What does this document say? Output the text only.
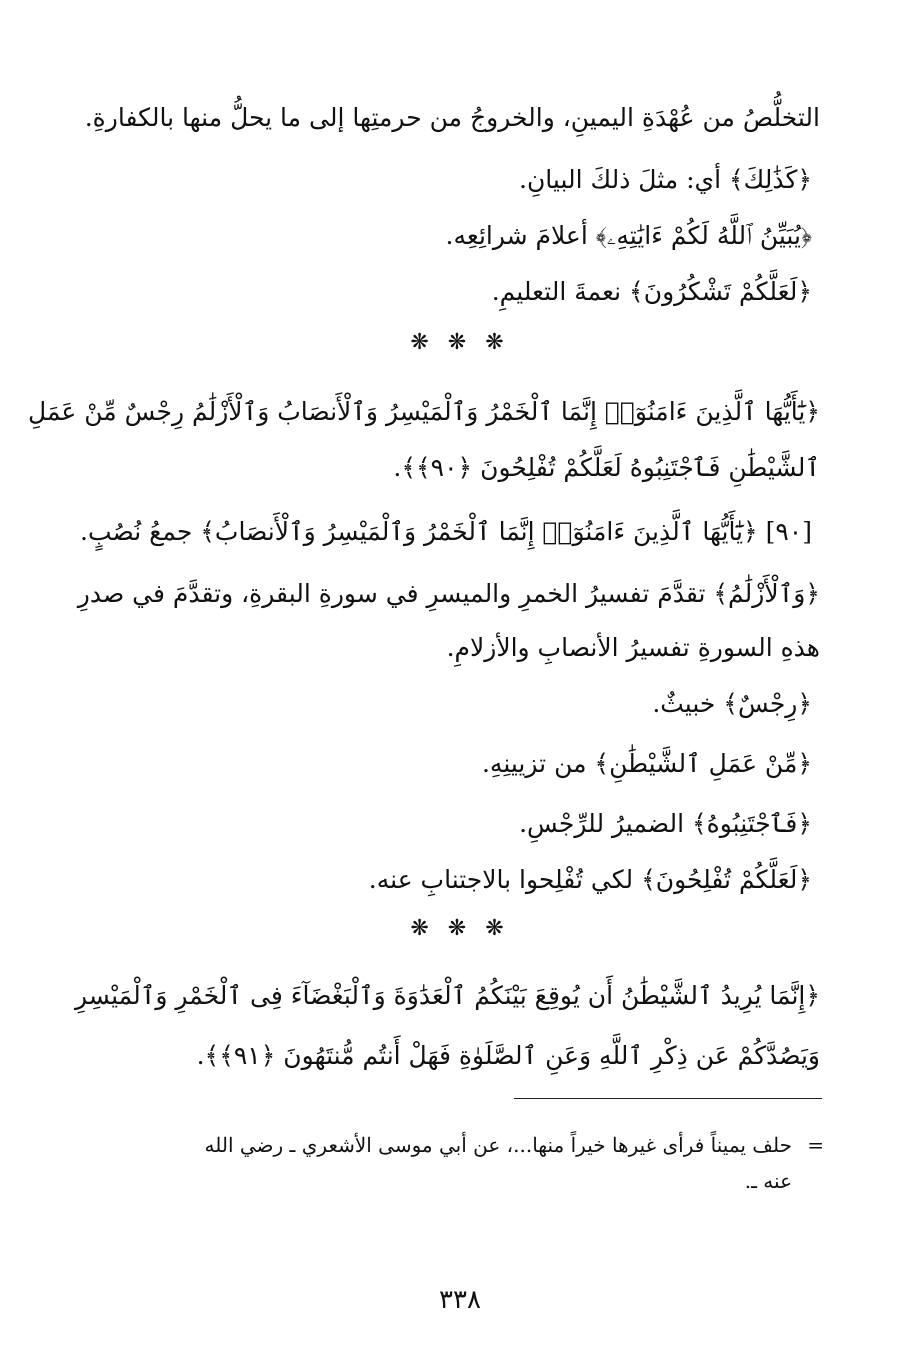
التخلُّصُ من عُهْدَةِ اليمينِ، والخروجُ من حرمتِها إلى ما يحلُّ منها بالكفارةِ.
﴿كَذَٰلِكَ﴾ أي: مثلَ ذلكَ البيانِ.
﴿يُبَيِّنُ ٱللَّهُ لَكُمْ ءَايَٰتِهِۦ﴾ أعلامَ شرائِعِه.
﴿لَعَلَّكُمْ تَشْكُرُونَ﴾ نعمةَ التعليمِ.
❋ ❋ ❋
﴿يَٰٓأَيُّهَا ٱلَّذِينَ ءَامَنُوٓا۟ إِنَّمَا ٱلْخَمْرُ وَٱلْمَيْسِرُ وَٱلْأَنصَابُ وَٱلْأَزْلَٰمُ رِجْسٌ مِّنْ عَمَلِ
ٱلشَّيْطَٰنِ فَٱجْتَنِبُوهُ لَعَلَّكُمْ تُفْلِحُونَ ﴿٩٠﴾﴾.
[٩٠] ﴿يَٰٓأَيُّهَا ٱلَّذِينَ ءَامَنُوٓا۟ إِنَّمَا ٱلْخَمْرُ وَٱلْمَيْسِرُ وَٱلْأَنصَابُ﴾ جمعُ نُصُبٍ.
﴿وَٱلْأَزْلَٰمُ﴾ تقدَّمَ تفسيرُ الخمرِ والميسرِ في سورةِ البقرةِ، وتقدَّمَ في صدرِ
هذهِ السورةِ تفسيرُ الأنصابِ والأزلامِ.
﴿رِجْسٌ﴾ خبيثٌ.
﴿مِّنْ عَمَلِ ٱلشَّيْطَٰنِ﴾ من تزيينِهِ.
﴿فَٱجْتَنِبُوهُ﴾ الضميرُ للرِّجْسِ.
﴿لَعَلَّكُمْ تُفْلِحُونَ﴾ لكي تُفْلِحوا بالاجتنابِ عنه.
❋ ❋ ❋
﴿إِنَّمَا يُرِيدُ ٱلشَّيْطَٰنُ أَن يُوقِعَ بَيْنَكُمُ ٱلْعَدَٰوَةَ وَٱلْبَغْضَآءَ فِى ٱلْخَمْرِ وَٱلْمَيْسِرِ
وَيَصُدَّكُمْ عَن ذِكْرِ ٱللَّهِ وَعَنِ ٱلصَّلَوٰةِ فَهَلْ أَنتُم مُّنتَهُونَ ﴿٩١﴾﴾.
=
حلف يميناً فرأى غيرها خيراً منها...، عن أبي موسى الأشعري ـ رضي الله
عنه ـ.
٣٣٨
